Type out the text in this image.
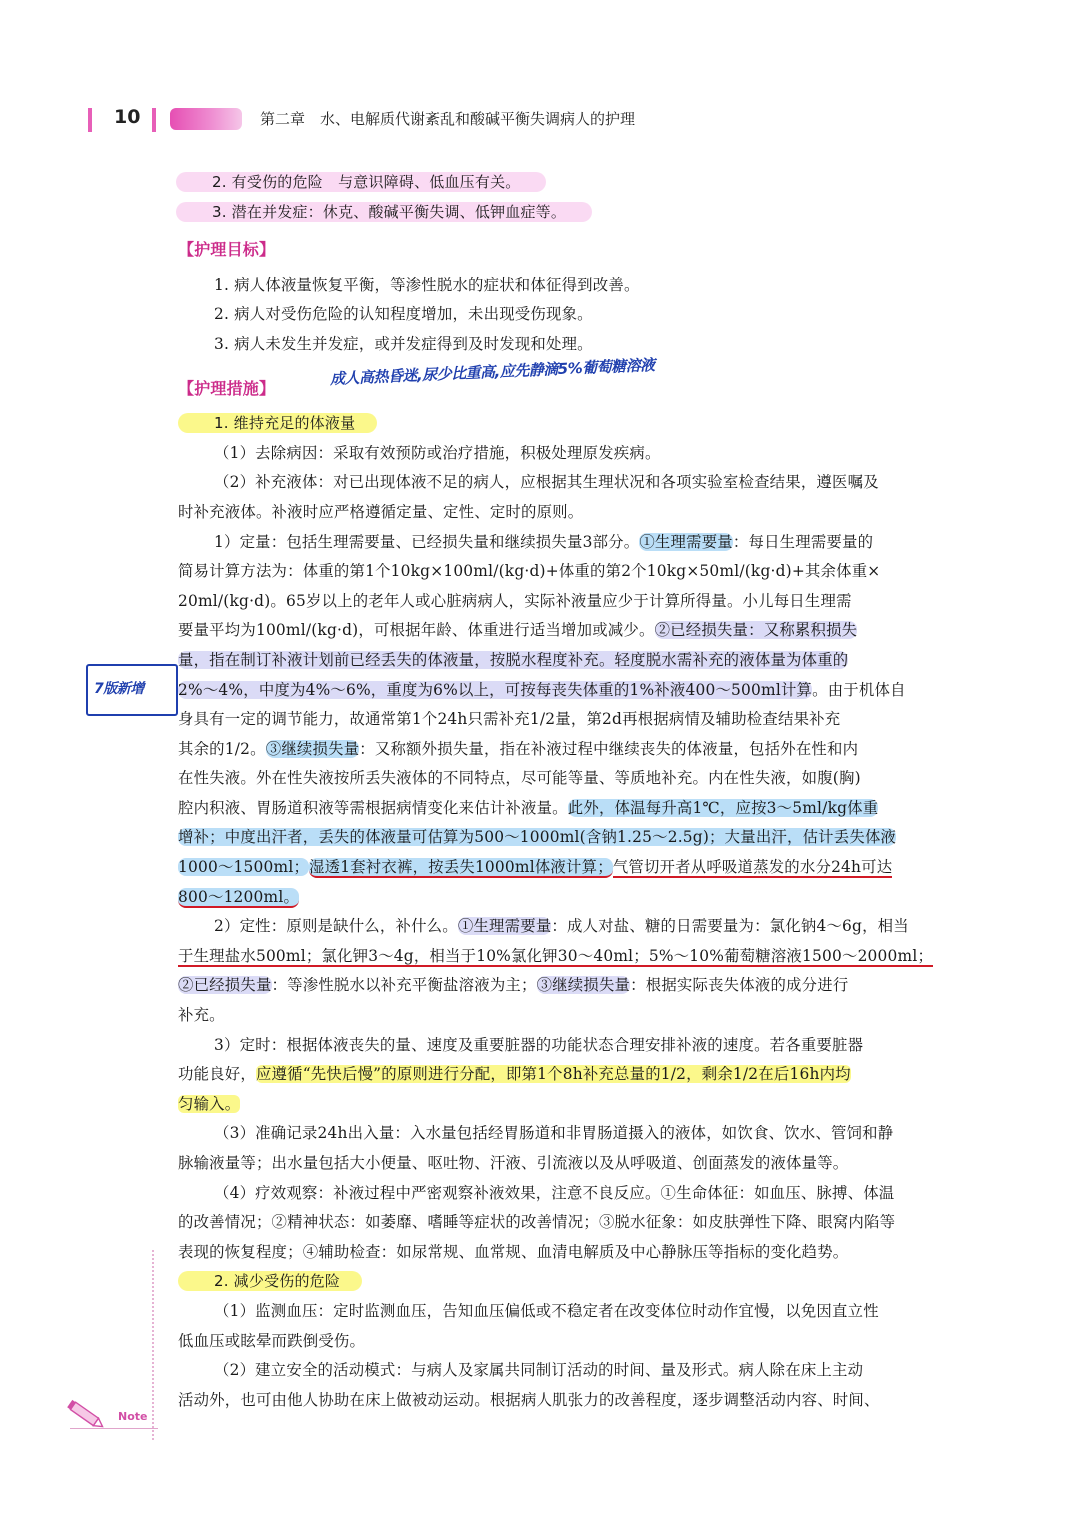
10	第二章　水、电解质代谢紊乱和酸碱平衡失调病人的护理
成人高热昏迷,尿少比重高,应先静滴5%葡萄糖溶液
7版新增
Note
2. 有受伤的危险　与意识障碍、低血压有关。
3. 潜在并发症：休克、酸碱平衡失调、低钾血症等。
【护理目标】
1. 病人体液量恢复平衡，等渗性脱水的症状和体征得到改善。
2. 病人对受伤危险的认知程度增加，未出现受伤现象。
3. 病人未发生并发症，或并发症得到及时发现和处理。
【护理措施】
1. 维持充足的体液量
（1）去除病因：采取有效预防或治疗措施，积极处理原发疾病。
（2）补充液体：对已出现体液不足的病人，应根据其生理状况和各项实验室检查结果，遵医嘱及
时补充液体。补液时应严格遵循定量、定性、定时的原则。
1）定量：包括生理需要量、已经损失量和继续损失量3部分。①生理需要量：每日生理需要量的
简易计算方法为：体重的第1个10kg×100ml/(kg·d)+体重的第2个10kg×50ml/(kg·d)+其余体重×
20ml/(kg·d)。65岁以上的老年人或心脏病病人，实际补液量应少于计算所得量。小儿每日生理需
要量平均为100ml/(kg·d)，可根据年龄、体重进行适当增加或减少。②已经损失量：又称累积损失
量，指在制订补液计划前已经丢失的体液量，按脱水程度补充。轻度脱水需补充的液体量为体重的
2%～4%，中度为4%～6%，重度为6%以上，可按每丧失体重的1%补液400～500ml计算。由于机体自
身具有一定的调节能力，故通常第1个24h只需补充1/2量，第2d再根据病情及辅助检查结果补充
其余的1/2。③继续损失量：又称额外损失量，指在补液过程中继续丧失的体液量，包括外在性和内
在性失液。外在性失液按所丢失液体的不同特点，尽可能等量、等质地补充。内在性失液，如腹(胸)
腔内积液、胃肠道积液等需根据病情变化来估计补液量。此外，体温每升高1℃，应按3～5ml/kg体重
增补；中度出汗者，丢失的体液量可估算为500～1000ml(含钠1.25～2.5g)；大量出汗，估计丢失体液
1000～1500ml；湿透1套衬衣裤，按丢失1000ml体液计算；气管切开者从呼吸道蒸发的水分24h可达
800～1200ml。
2）定性：原则是缺什么，补什么。①生理需要量：成人对盐、糖的日需要量为：氯化钠4～6g，相当
于生理盐水500ml；氯化钾3～4g，相当于10%氯化钾30～40ml；5%～10%葡萄糖溶液1500～2000ml；
②已经损失量：等渗性脱水以补充平衡盐溶液为主；③继续损失量：根据实际丧失体液的成分进行
补充。
3）定时：根据体液丧失的量、速度及重要脏器的功能状态合理安排补液的速度。若各重要脏器
功能良好，应遵循“先快后慢”的原则进行分配，即第1个8h补充总量的1/2，剩余1/2在后16h内均
匀输入。
（3）准确记录24h出入量：入水量包括经胃肠道和非胃肠道摄入的液体，如饮食、饮水、管饲和静
脉输液量等；出水量包括大小便量、呕吐物、汗液、引流液以及从呼吸道、创面蒸发的液体量等。
（4）疗效观察：补液过程中严密观察补液效果，注意不良反应。①生命体征：如血压、脉搏、体温
的改善情况；②精神状态：如萎靡、嗜睡等症状的改善情况；③脱水征象：如皮肤弹性下降、眼窝内陷等
表现的恢复程度；④辅助检查：如尿常规、血常规、血清电解质及中心静脉压等指标的变化趋势。
2. 减少受伤的危险
（1）监测血压：定时监测血压，告知血压偏低或不稳定者在改变体位时动作宜慢，以免因直立性
低血压或眩晕而跌倒受伤。
（2）建立安全的活动模式：与病人及家属共同制订活动的时间、量及形式。病人除在床上主动
活动外，也可由他人协助在床上做被动运动。根据病人肌张力的改善程度，逐步调整活动内容、时间、
